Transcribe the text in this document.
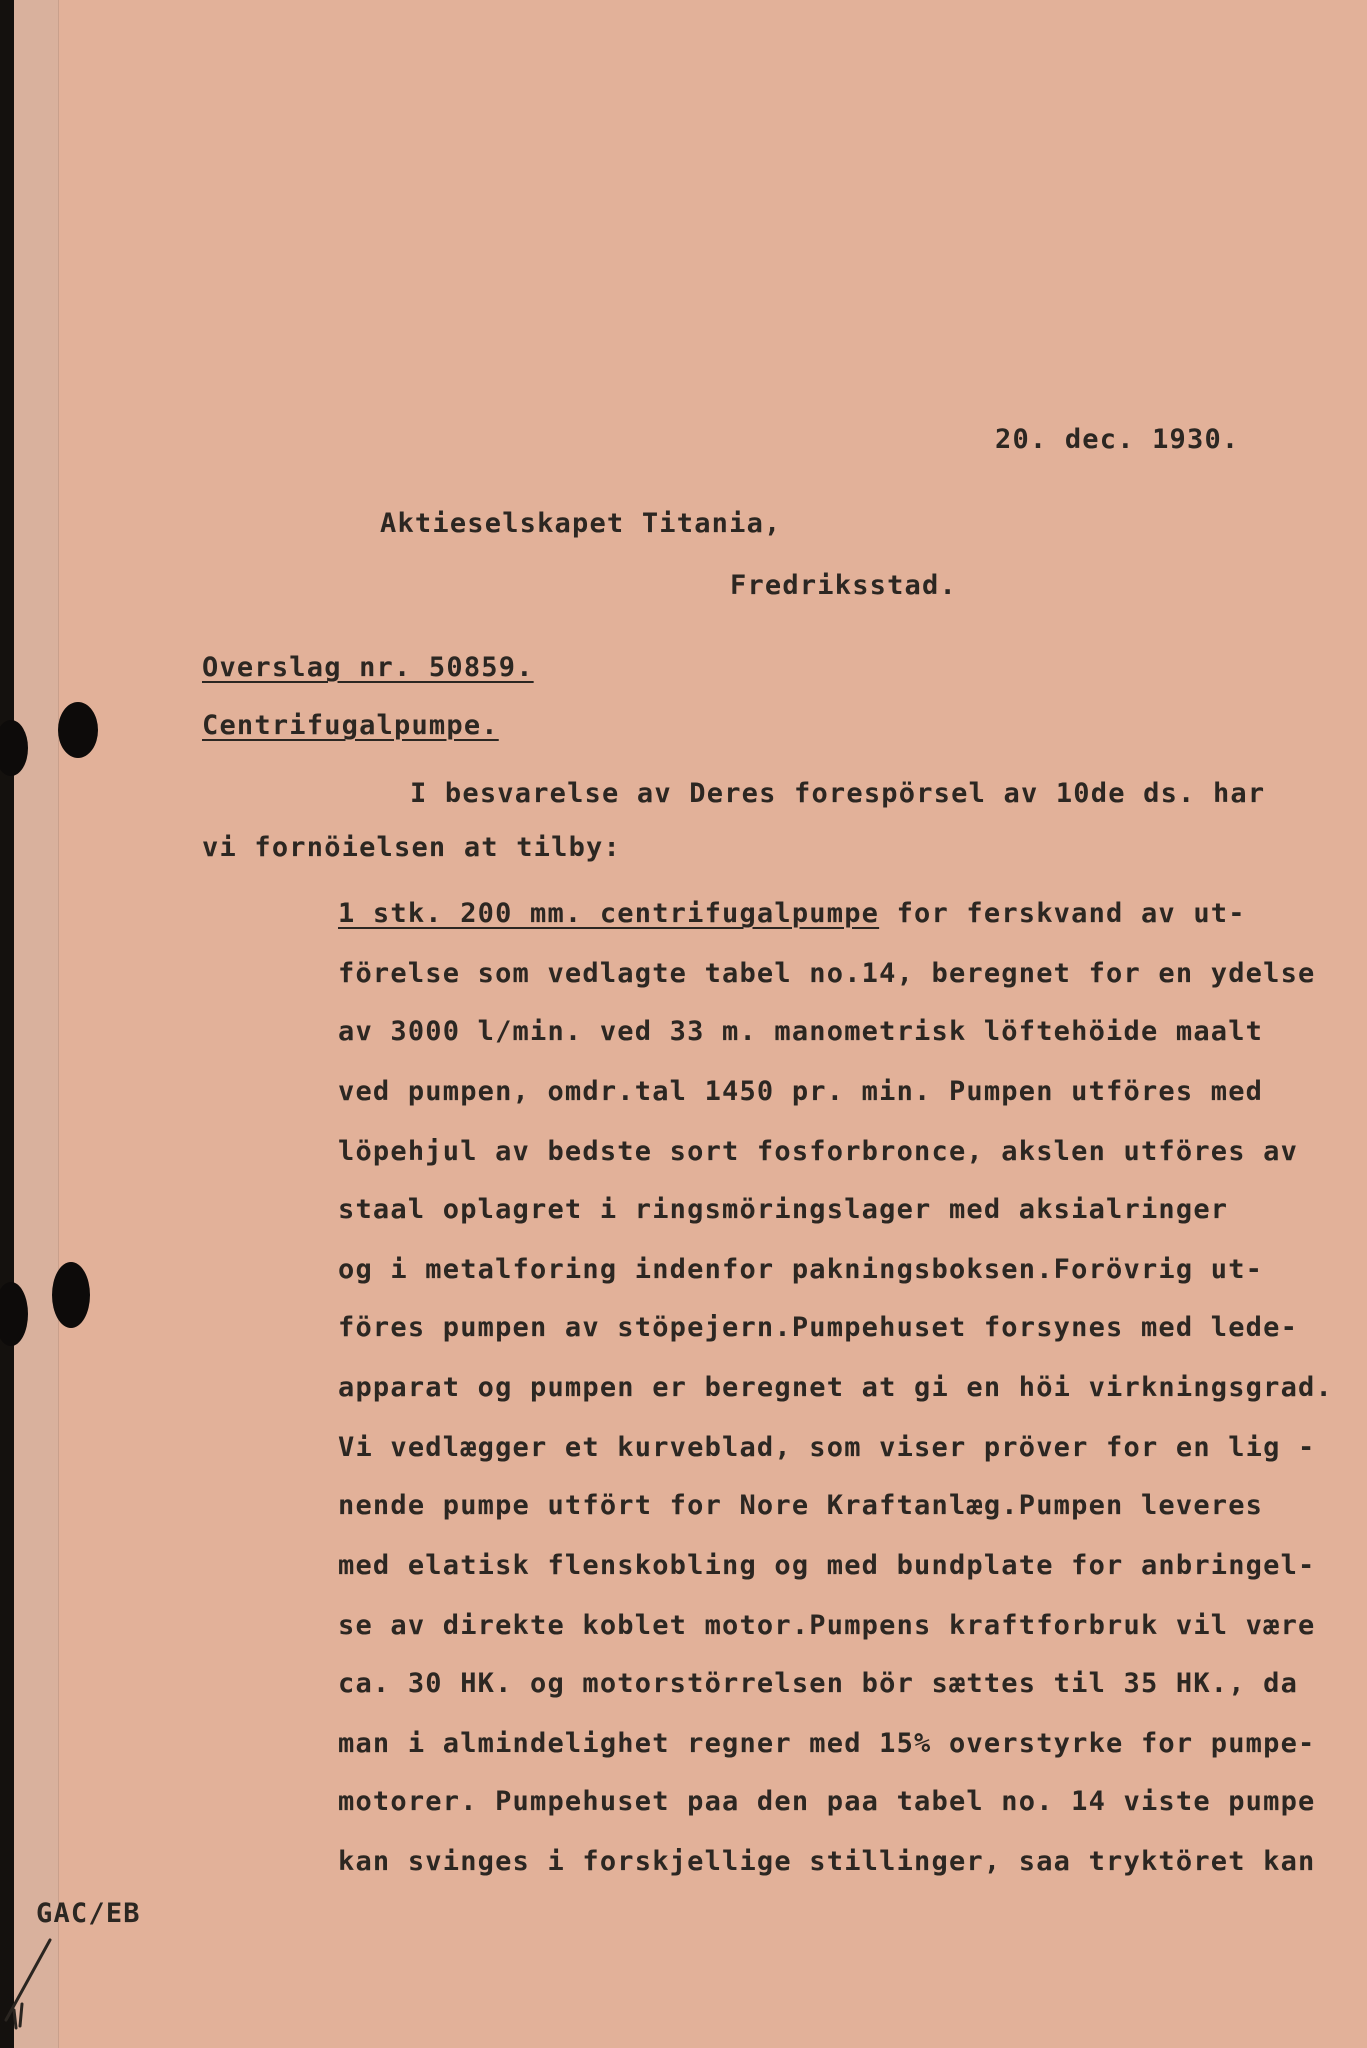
20. dec. 1930.
Aktieselskapet Titania,
Fredriksstad.
Overslag nr. 50859.
Centrifugalpumpe.
I besvarelse av Deres forespörsel av 10de ds. har
vi fornöielsen at tilby:
1 stk. 200 mm. centrifugalpumpe for ferskvand av ut-
förelse som vedlagte tabel no.14, beregnet for en ydelse
av 3000 l/min. ved 33 m. manometrisk löftehöide maalt
ved pumpen, omdr.tal 1450 pr. min. Pumpen utföres med
löpehjul av bedste sort fosforbronce, akslen utföres av
staal oplagret i ringsmöringslager med aksialringer
og i metalforing indenfor pakningsboksen.Forövrig ut-
föres pumpen av stöpejern.Pumpehuset forsynes med lede-
apparat og pumpen er beregnet at gi en höi virkningsgrad.
Vi vedlægger et kurveblad, som viser pröver for en lig -
nende pumpe utfört for Nore Kraftanlæg.Pumpen leveres
med elatisk flenskobling og med bundplate for anbringel-
se av direkte koblet motor.Pumpens kraftforbruk vil være
ca. 30 HK. og motorstörrelsen bör sættes til 35 HK., da
man i almindelighet regner med 15% overstyrke for pumpe-
motorer. Pumpehuset paa den paa tabel no. 14 viste pumpe
kan svinges i forskjellige stillinger, saa tryktöret kan
GAC/EB
